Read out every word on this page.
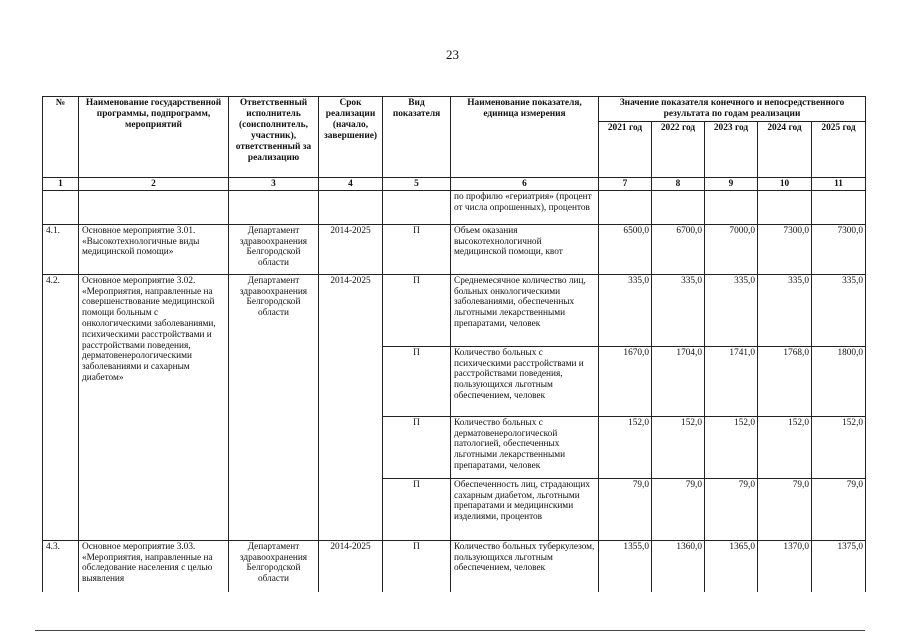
23
№	Наименование государственной программы, подпрограмм, мероприятий	Ответственный исполнитель (соисполнитель, участник), ответственный за реализацию	Срок реализации (начало, завершение)	Вид показателя	Наименование показателя, единица измерения	Значение показателя конечного и непосредственного результата по годам реализации				
						2021 год	2022 год	2023 год	2024 год	2025 год
1	2	3	4	5	6	7	8	9	10	11
					по профилю «гериатрия» (процент от числа опрошенных), процентов					
4.1.	Основное мероприятие 3.01. «Высокотехнологичные виды медицинской помощи»	Департамент здравоохранения Белгородской области	2014-2025	П	Объем оказания высокотехнологичной медицинской помощи, квот	6500,0	6700,0	7000,0	7300,0	7300,0
4.2.	Основное мероприятие 3.02. «Мероприятия, направленные на совершенствование медицинской помощи больным с онкологическими заболеваниями, психическими расстройствами и расстройствами поведения, дерматовенерологическими заболеваниями и сахарным диабетом»	Департамент здравоохранения Белгородской области	2014-2025	П	Среднемесячное количество лиц, больных онкологическими заболеваниями, обеспеченных льготными лекарственными препаратами, человек	335,0	335,0	335,0	335,0	335,0
				П	Количество больных с психическими расстройствами и расстройствами поведения, пользующихся льготным обеспечением, человек	1670,0	1704,0	1741,0	1768,0	1800,0
				П	Количество больных с дерматовенерологической патологией, обеспеченных льготными лекарственными препаратами, человек	152,0	152,0	152,0	152,0	152,0
				П	Обеспеченность лиц, страдающих сахарным диабетом, льготными препаратами и медицинскими изделиями, процентов	79,0	79,0	79,0	79,0	79,0
4.3.	Основное мероприятие 3.03. «Мероприятия, направленные на обследование населения с целью выявления	Департамент здравоохранения Белгородской области	2014-2025	П	Количество больных туберкулезом, пользующихся льготным обеспечением, человек	1355,0	1360,0	1365,0	1370,0	1375,0
